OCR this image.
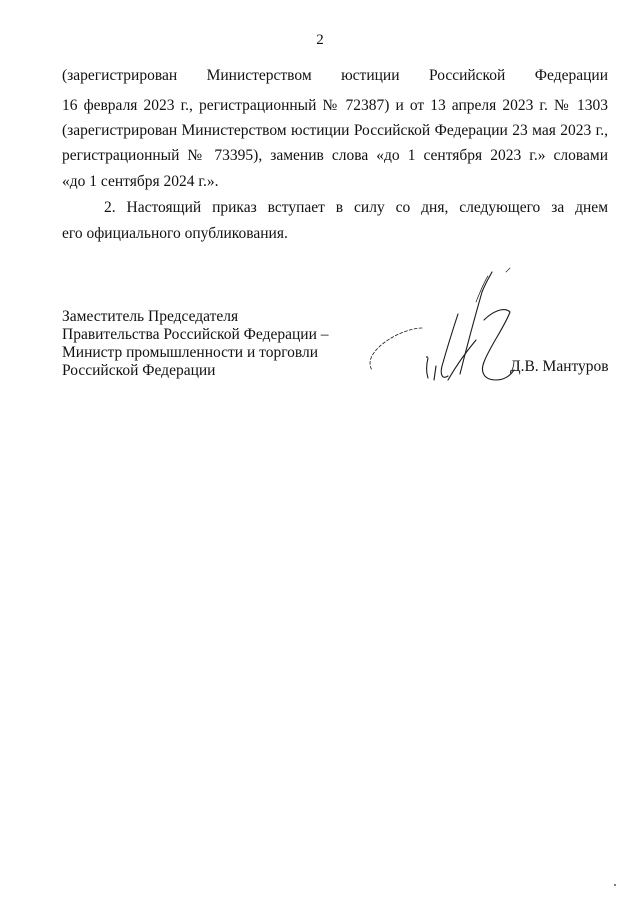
2
(зарегистрирован Министерством юстиции Российской Федерации
16 февраля 2023 г., регистрационный № 72387) и от 13 апреля 2023 г. № 1303
(зарегистрирован Министерством юстиции Российской Федерации 23 мая 2023 г.,
регистрационный № 73395), заменив слова «до 1 сентября 2023 г.» словами
«до 1 сентября 2024 г.».
2. Настоящий приказ вступает в силу со дня, следующего за днем
его официального опубликования.
Заместитель Председателя
Правительства Российской Федерации –
Министр промышленности и торговли
Российской Федерации	Д.В. Мантуров
